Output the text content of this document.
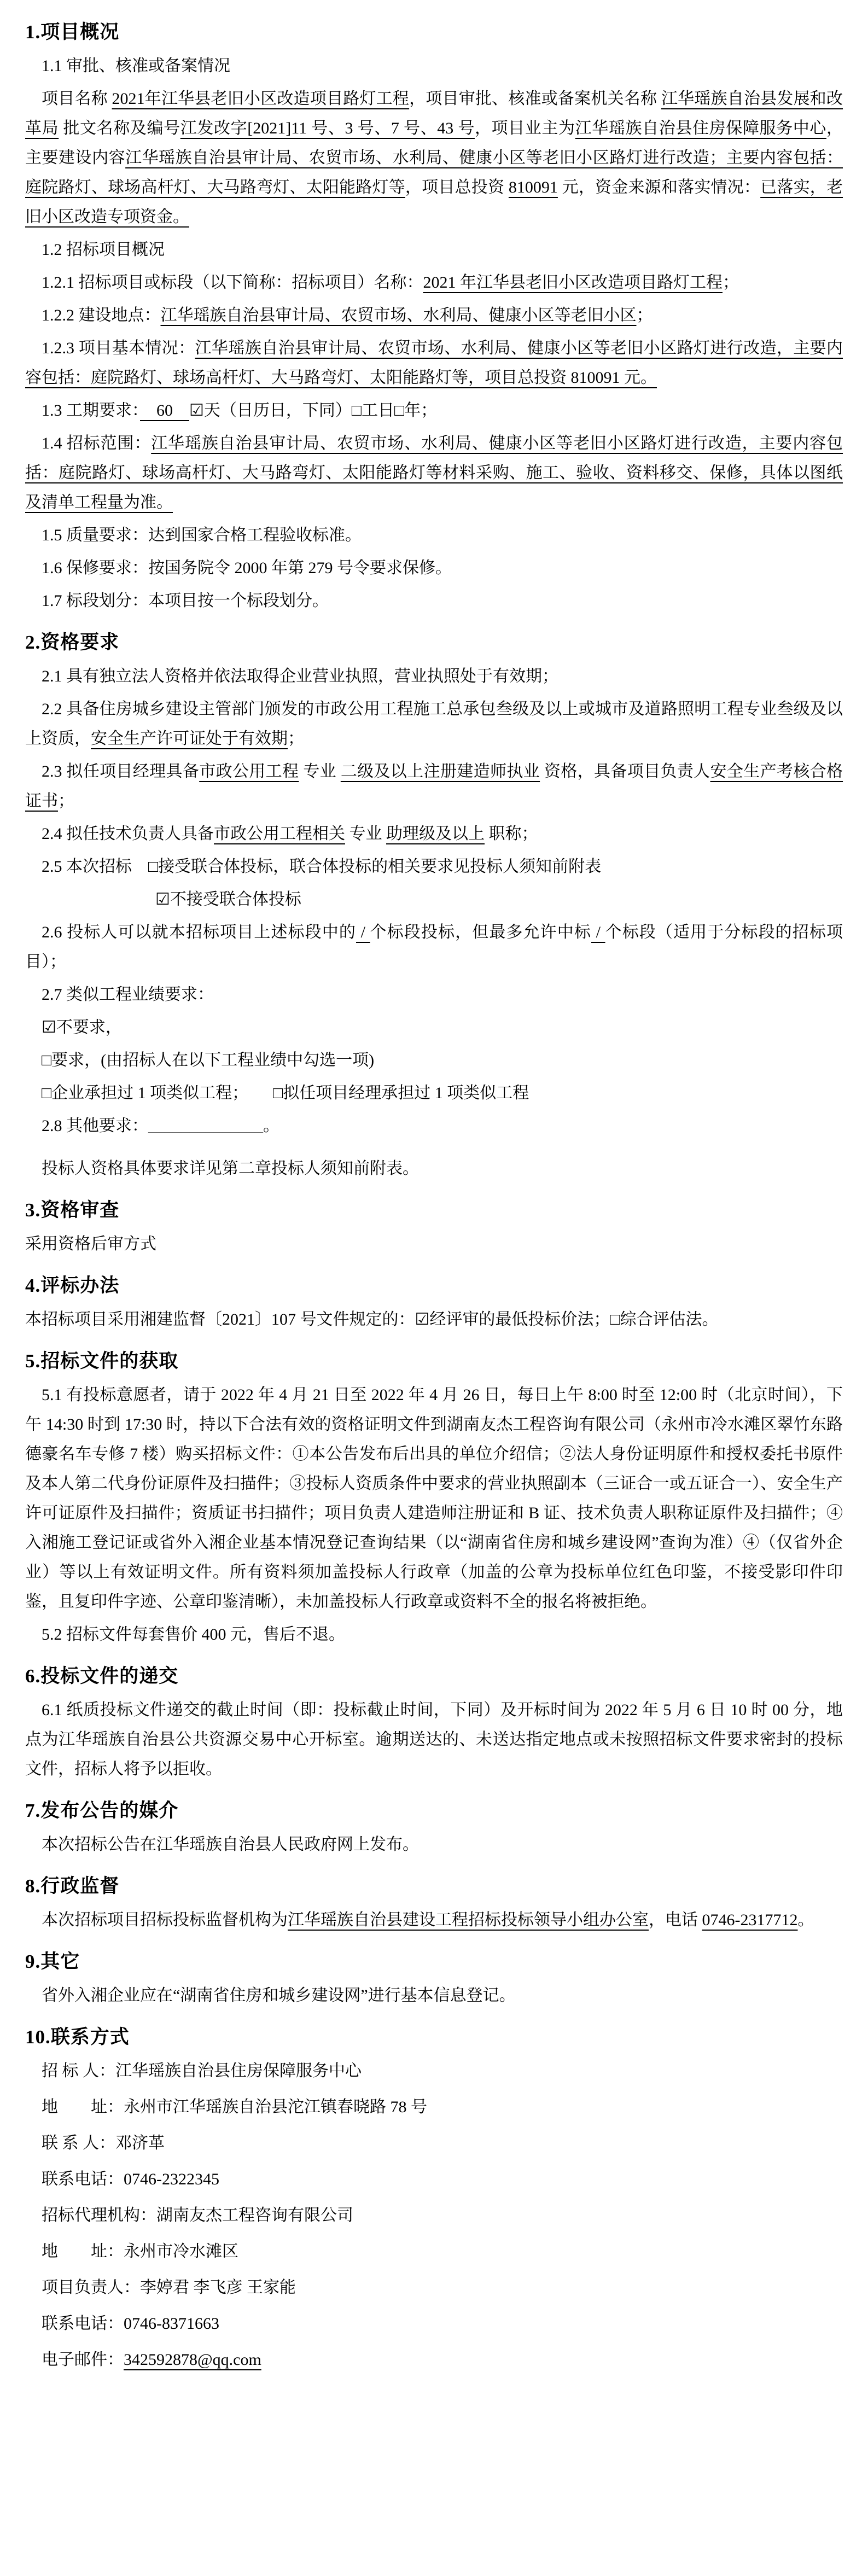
1.项目概况

1.1 审批、核准或备案情况

项目名称 2021年江华县老旧小区改造项目路灯工程，项目审批、核准或备案机关名称 江华瑶族自治县发展和改革局 批文名称及编号江发改字[2021]11 号、3 号、7 号、43 号，项目业主为江华瑶族自治县住房保障服务中心，主要建设内容江华瑶族自治县审计局、农贸市场、水利局、健康小区等老旧小区路灯进行改造；主要内容包括：庭院路灯、球场高杆灯、大马路弯灯、太阳能路灯等，项目总投资 810091 元，资金来源和落实情况：已落实，老旧小区改造专项资金。

1.2 招标项目概况

1.2.1 招标项目或标段（以下简称：招标项目）名称：2021 年江华县老旧小区改造项目路灯工程；

1.2.2 建设地点：江华瑶族自治县审计局、农贸市场、水利局、健康小区等老旧小区；

1.2.3 项目基本情况：江华瑶族自治县审计局、农贸市场、水利局、健康小区等老旧小区路灯进行改造，主要内容包括：庭院路灯、球场高杆灯、大马路弯灯、太阳能路灯等，项目总投资 810091 元。

1.3 工期要求：　60　☑天（日历日，下同）□工日□年；

1.4 招标范围：江华瑶族自治县审计局、农贸市场、水利局、健康小区等老旧小区路灯进行改造，主要内容包括：庭院路灯、球场高杆灯、大马路弯灯、太阳能路灯等材料采购、施工、验收、资料移交、保修，具体以图纸及清单工程量为准。

1.5 质量要求：达到国家合格工程验收标准。

1.6 保修要求：按国务院令 2000 年第 279 号令要求保修。

1.7 标段划分：本项目按一个标段划分。

2.资格要求

2.1 具有独立法人资格并依法取得企业营业执照，营业执照处于有效期；

2.2 具备住房城乡建设主管部门颁发的市政公用工程施工总承包叁级及以上或城市及道路照明工程专业叁级及以上资质，安全生产许可证处于有效期；

2.3 拟任项目经理具备市政公用工程 专业 二级及以上注册建造师执业 资格，具备项目负责人安全生产考核合格证书；

2.4 拟任技术负责人具备市政公用工程相关 专业 助理级及以上 职称；

2.5 本次招标　□接受联合体投标，联合体投标的相关要求见投标人须知前附表

☑不接受联合体投标

2.6 投标人可以就本招标项目上述标段中的 / 个标段投标，但最多允许中标 / 个标段（适用于分标段的招标项目）；

2.7 类似工程业绩要求：

☑不要求，

□要求，(由招标人在以下工程业绩中勾选一项)

□企业承担过 1 项类似工程；　　□拟任项目经理承担过 1 项类似工程

2.8 其他要求：______________。

投标人资格具体要求详见第二章投标人须知前附表。

3.资格审查

采用资格后审方式

4.评标办法

本招标项目采用湘建监督〔2021〕107 号文件规定的：☑经评审的最低投标价法；□综合评估法。

5.招标文件的获取

5.1 有投标意愿者，请于 2022 年 4 月 21 日至 2022 年 4 月 26 日，每日上午 8:00 时至 12:00 时（北京时间），下午 14:30 时到 17:30 时，持以下合法有效的资格证明文件到湖南友杰工程咨询有限公司（永州市冷水滩区翠竹东路德豪名车专修 7 楼）购买招标文件：①本公告发布后出具的单位介绍信；②法人身份证明原件和授权委托书原件及本人第二代身份证原件及扫描件；③投标人资质条件中要求的营业执照副本（三证合一或五证合一）、安全生产许可证原件及扫描件；资质证书扫描件；项目负责人建造师注册证和 B 证、技术负责人职称证原件及扫描件；④入湘施工登记证或省外入湘企业基本情况登记查询结果（以“湖南省住房和城乡建设网”查询为准）④（仅省外企业）等以上有效证明文件。所有资料须加盖投标人行政章（加盖的公章为投标单位红色印鉴，不接受影印件印鉴，且复印件字迹、公章印鉴清晰），未加盖投标人行政章或资料不全的报名将被拒绝。

5.2 招标文件每套售价 400 元，售后不退。

6.投标文件的递交

6.1 纸质投标文件递交的截止时间（即：投标截止时间，下同）及开标时间为 2022 年 5 月 6 日 10 时 00 分，地点为江华瑶族自治县公共资源交易中心开标室。逾期送达的、未送达指定地点或未按照招标文件要求密封的投标文件，招标人将予以拒收。

7.发布公告的媒介

本次招标公告在江华瑶族自治县人民政府网上发布。

8.行政监督

本次招标项目招标投标监督机构为江华瑶族自治县建设工程招标投标领导小组办公室，电话 0746-2317712。

9.其它

省外入湘企业应在“湖南省住房和城乡建设网”进行基本信息登记。

10.联系方式

招 标 人：江华瑶族自治县住房保障服务中心

地　　址：永州市江华瑶族自治县沱江镇春晓路 78 号

联 系 人：邓济革

联系电话：0746-2322345

招标代理机构：湖南友杰工程咨询有限公司

地　　址：永州市冷水滩区

项目负责人：李婷君 李飞彦 王家能

联系电话：0746-8371663

电子邮件：342592878@qq.com
